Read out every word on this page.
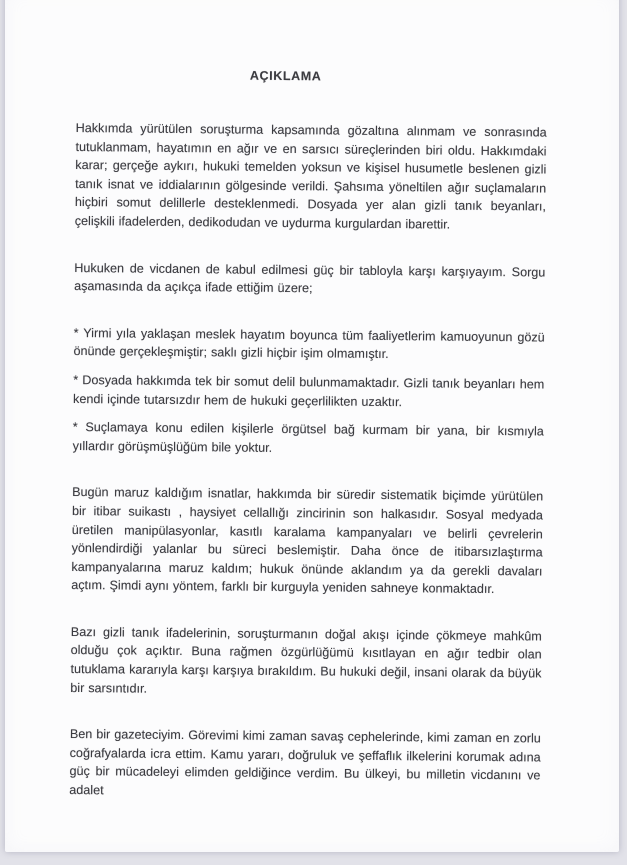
AÇIKLAMA

Hakkımda yürütülen soruşturma kapsamında gözaltına alınmam ve sonrasında tutuklanmam, hayatımın en ağır ve en sarsıcı süreçlerinden biri oldu. Hakkımdaki karar; gerçeğe aykırı, hukuki temelden yoksun ve kişisel husumetle beslenen gizli tanık isnat ve iddialarının gölgesinde verildi. Şahsıma yöneltilen ağır suçlamaların hiçbiri somut delillerle desteklenmedi. Dosyada yer alan gizli tanık beyanları, çelişkili ifadelerden, dedikodudan ve uydurma kurgulardan ibarettir.

Hukuken de vicdanen de kabul edilmesi güç bir tabloyla karşı karşıyayım. Sorgu aşamasında da açıkça ifade ettiğim üzere;

* Yirmi yıla yaklaşan meslek hayatım boyunca tüm faaliyetlerim kamuoyunun gözü önünde gerçekleşmiştir; saklı gizli hiçbir işim olmamıştır.

* Dosyada hakkımda tek bir somut delil bulunmamaktadır. Gizli tanık beyanları hem kendi içinde tutarsızdır hem de hukuki geçerlilikten uzaktır.

* Suçlamaya konu edilen kişilerle örgütsel bağ kurmam bir yana, bir kısmıyla yıllardır görüşmüşlüğüm bile yoktur.

Bugün maruz kaldığım isnatlar, hakkımda bir süredir sistematik biçimde yürütülen bir itibar suikastı , haysiyet cellallığı zincirinin son halkasıdır. Sosyal medyada üretilen manipülasyonlar, kasıtlı karalama kampanyaları ve belirli çevrelerin yönlendirdiği yalanlar bu süreci beslemiştir. Daha önce de itibarsızlaştırma kampanyalarına maruz kaldım; hukuk önünde aklandım ya da gerekli davaları açtım. Şimdi aynı yöntem, farklı bir kurguyla yeniden sahneye konmaktadır.

Bazı gizli tanık ifadelerinin, soruşturmanın doğal akışı içinde çökmeye mahkûm olduğu çok açıktır. Buna rağmen özgürlüğümü kısıtlayan en ağır tedbir olan tutuklama kararıyla karşı karşıya bırakıldım. Bu hukuki değil, insani olarak da büyük bir sarsıntıdır.

Ben bir gazeteciyim. Görevimi kimi zaman savaş cephelerinde, kimi zaman en zorlu coğrafyalarda icra ettim. Kamu yararı, doğruluk ve şeffaflık ilkelerini korumak adına güç bir mücadeleyi elimden geldiğince verdim. Bu ülkeyi, bu milletin vicdanını ve adalet
